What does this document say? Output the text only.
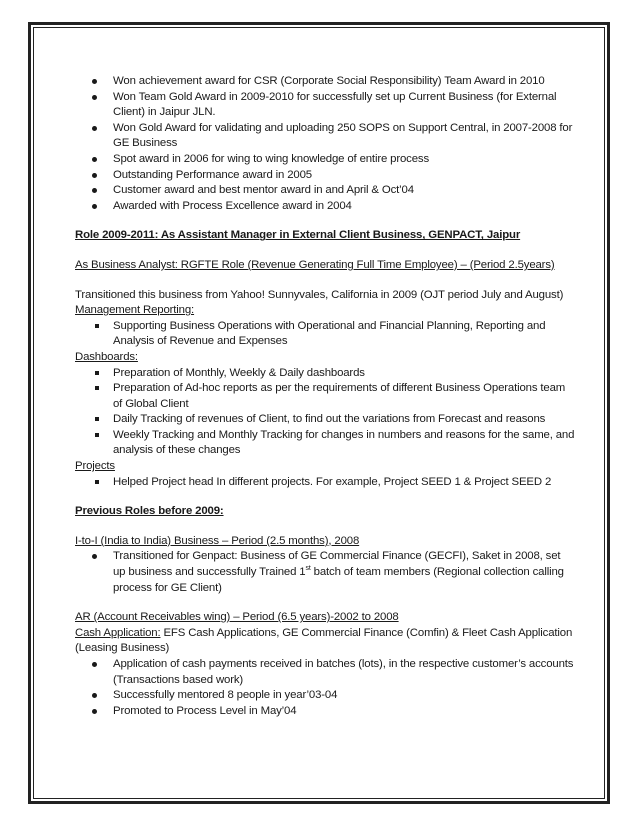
Won achievement award for CSR (Corporate Social Responsibility) Team Award in 2010
Won Team Gold Award in 2009-2010 for successfully set up Current Business (for External Client) in Jaipur JLN.
Won Gold Award for validating and uploading 250 SOPS on Support Central, in 2007-2008 for GE Business
Spot award in 2006 for wing to wing knowledge of entire process
Outstanding Performance award in 2005
Customer award and best mentor award in and April & Oct’04
Awarded with Process Excellence award in 2004
Role 2009-2011: As Assistant Manager in External Client Business, GENPACT, Jaipur
As Business Analyst: RGFTE Role (Revenue Generating Full Time Employee) – (Period 2.5years)
Transitioned this business from Yahoo! Sunnyvales, California in 2009 (OJT period July and August)
Management Reporting:
Supporting Business Operations with Operational and Financial Planning, Reporting and Analysis of Revenue and Expenses
Dashboards:
Preparation of Monthly, Weekly & Daily dashboards
Preparation of Ad-hoc reports as per the requirements of different Business Operations team of Global Client
Daily Tracking of revenues of Client, to find out the variations from Forecast and reasons
Weekly Tracking and Monthly Tracking for changes in numbers and reasons for the same, and analysis of these changes
Projects
Helped Project head In different projects. For example, Project SEED 1 & Project SEED 2
Previous Roles before 2009:
I-to-I (India to India) Business – Period (2.5 months), 2008
Transitioned for Genpact: Business of GE Commercial Finance (GECFI), Saket in 2008, set up business and successfully Trained 1st batch of team members (Regional collection calling process for GE Client)
AR (Account Receivables wing) – Period (6.5 years)-2002 to 2008
Cash Application: EFS Cash Applications, GE Commercial Finance (Comfin) & Fleet Cash Application (Leasing Business)
Application of cash payments received in batches (lots), in the respective customer’s accounts (Transactions based work)
Successfully mentored 8 people in year’03-04
Promoted to Process Level in May’04
